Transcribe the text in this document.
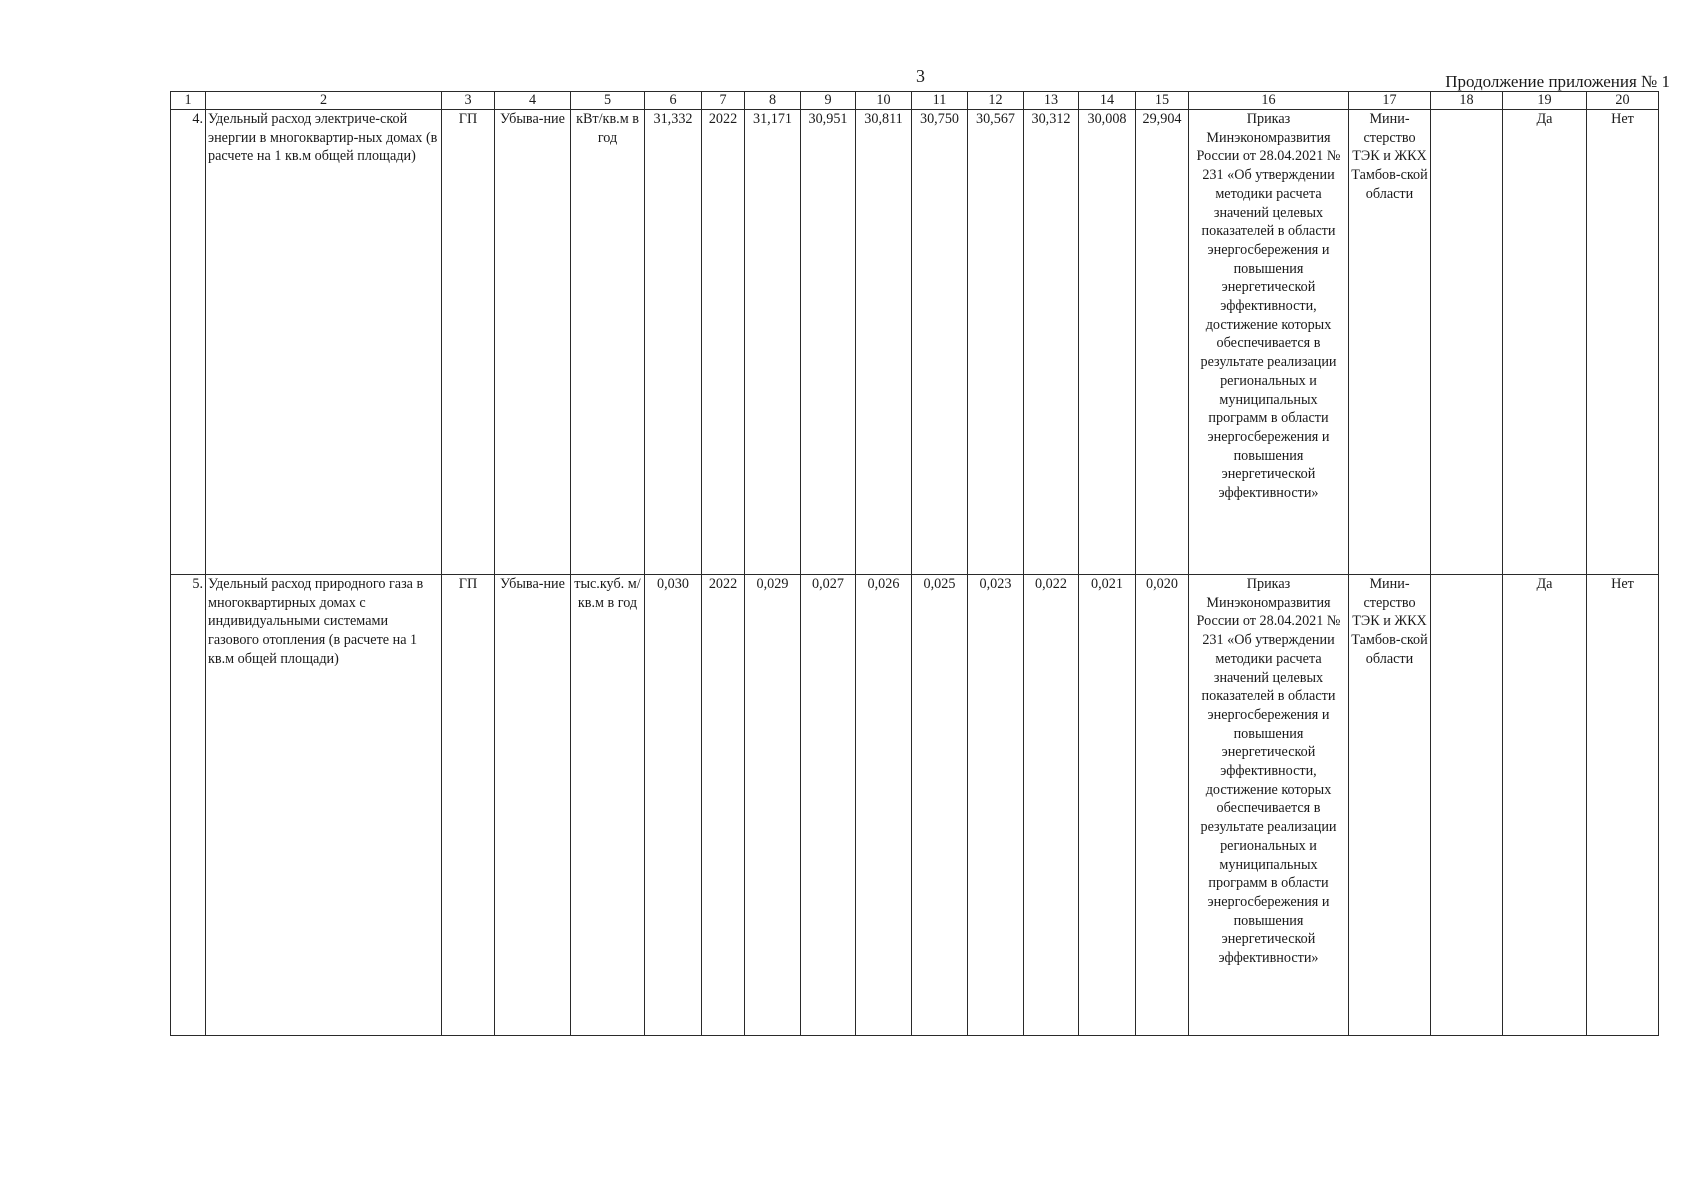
3	Продолжение приложения № 1
1	2	3	4	5	6	7	8	9	10	11	12	13	14	15	16	17	18	19	20
4.	Удельный расход электриче-ской энергии в многоквартир-ных домах (в расчете на 1 кв.м общей площади)	ГП	Убыва-ние	кВт/кв.м в год	31,332	2022	31,171	30,951	30,811	30,750	30,567	30,312	30,008	29,904	Приказ Минэкономразвития России от 28.04.2021 № 231 «Об утверждении методики расчета значений целевых показателей в области энергосбережения и повышения энергетической эффективности, достижение которых обеспечивается в результате реализации региональных и муниципальных программ в области энергосбережения и повышения энергетической эффективности»	Мини-стерство ТЭК и ЖКХ Тамбов-ской области		Да	Нет
5.	Удельный расход природного газа в многоквартирных домах с индивидуальными системами газового отопления (в расчете на 1 кв.м общей площади)	ГП	Убыва-ние	тыс.куб. м/кв.м в год	0,030	2022	0,029	0,027	0,026	0,025	0,023	0,022	0,021	0,020	Приказ Минэкономразвития России от 28.04.2021 № 231 «Об утверждении методики расчета значений целевых показателей в области энергосбережения и повышения энергетической эффективности, достижение которых обеспечивается в результате реализации региональных и муниципальных программ в области энергосбережения и повышения энергетической эффективности»	Мини-стерство ТЭК и ЖКХ Тамбов-ской области		Да	Нет
